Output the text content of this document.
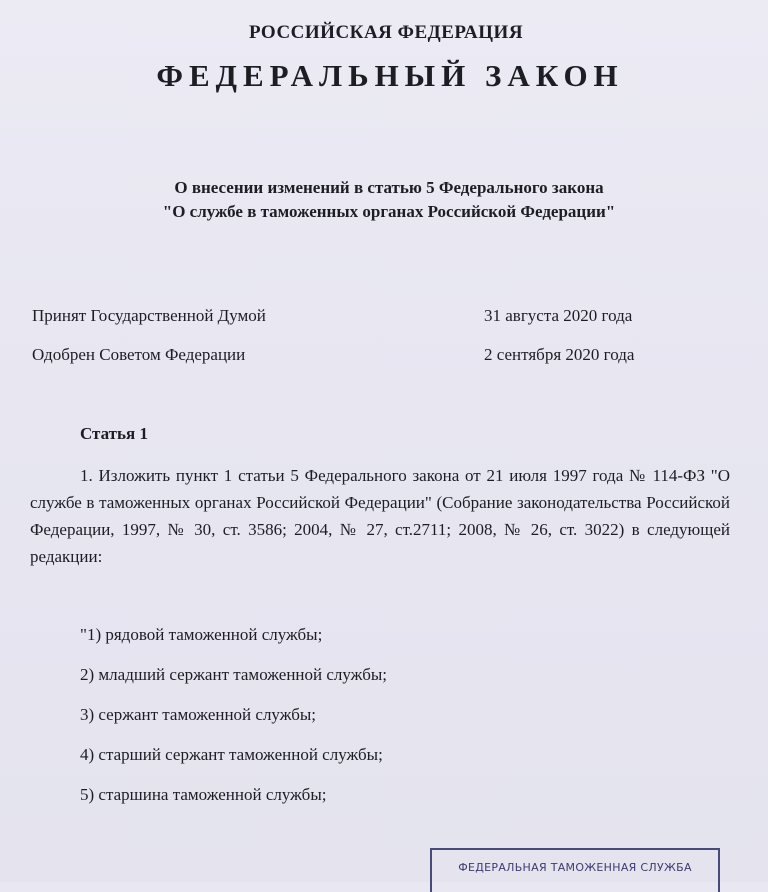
РОССИЙСКАЯ ФЕДЕРАЦИЯ
ФЕДЕРАЛЬНЫЙ ЗАКОН
О внесении изменений в статью 5 Федерального закона
"О службе в таможенных органах Российской Федерации"
Принят Государственной Думой	31 августа 2020 года
Одобрен Советом Федерации	2 сентября 2020 года
Статья 1
1. Изложить пункт 1 статьи 5 Федерального закона от 21 июля 1997 года № 114-ФЗ "О службе в таможенных органах Российской Федерации" (Собрание законодательства Российской Федерации, 1997, № 30, ст. 3586; 2004, № 27, ст.2711; 2008, № 26, ст. 3022) в следующей редакции:
"1) рядовой таможенной службы;
2) младший сержант таможенной службы;
3) сержант таможенной службы;
4) старший сержант таможенной службы;
5) старшина таможенной службы;
ФЕДЕРАЛЬНАЯ ТАМОЖЕННАЯ СЛУЖБА
